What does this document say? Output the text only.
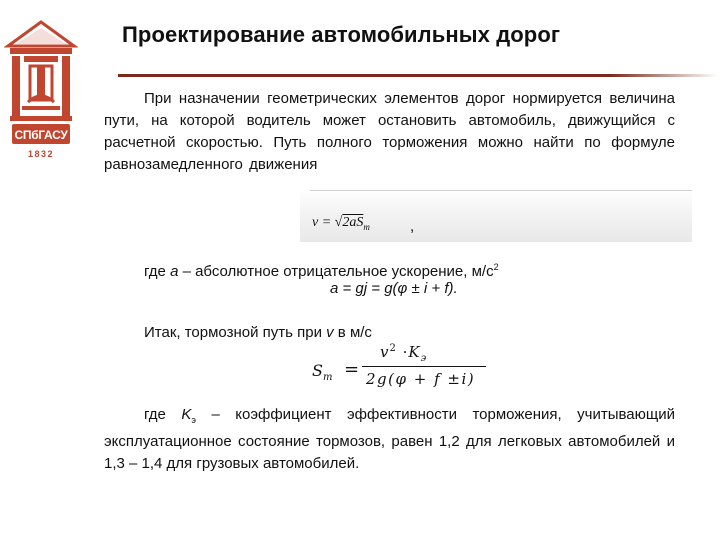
СПбГАСУ
1832
Проектирование автомобильных дорог
При назначении геометрических элементов дорог нормируется величина пути, на которой водитель может остановить автомобиль, движущийся с расчетной скоростью. Путь полного торможения можно найти по формуле равнозамедленного движения
$v = √2aS_m$	,
где a – абсолютное отрицательное ускорение, $м/с^2$
a = gj = g(φ ± i + f).
Итак, тормозной путь при v в м/с
$S_m$ =
$v^2 \cdot K_э$
2g(φ + f ±i)
где $K_э$ – коэффициент эффективности торможения, учитывающий эксплуатационное состояние тормозов, равен 1,2 для легковых автомобилей и 1,3 – 1,4 для грузовых автомобилей.
